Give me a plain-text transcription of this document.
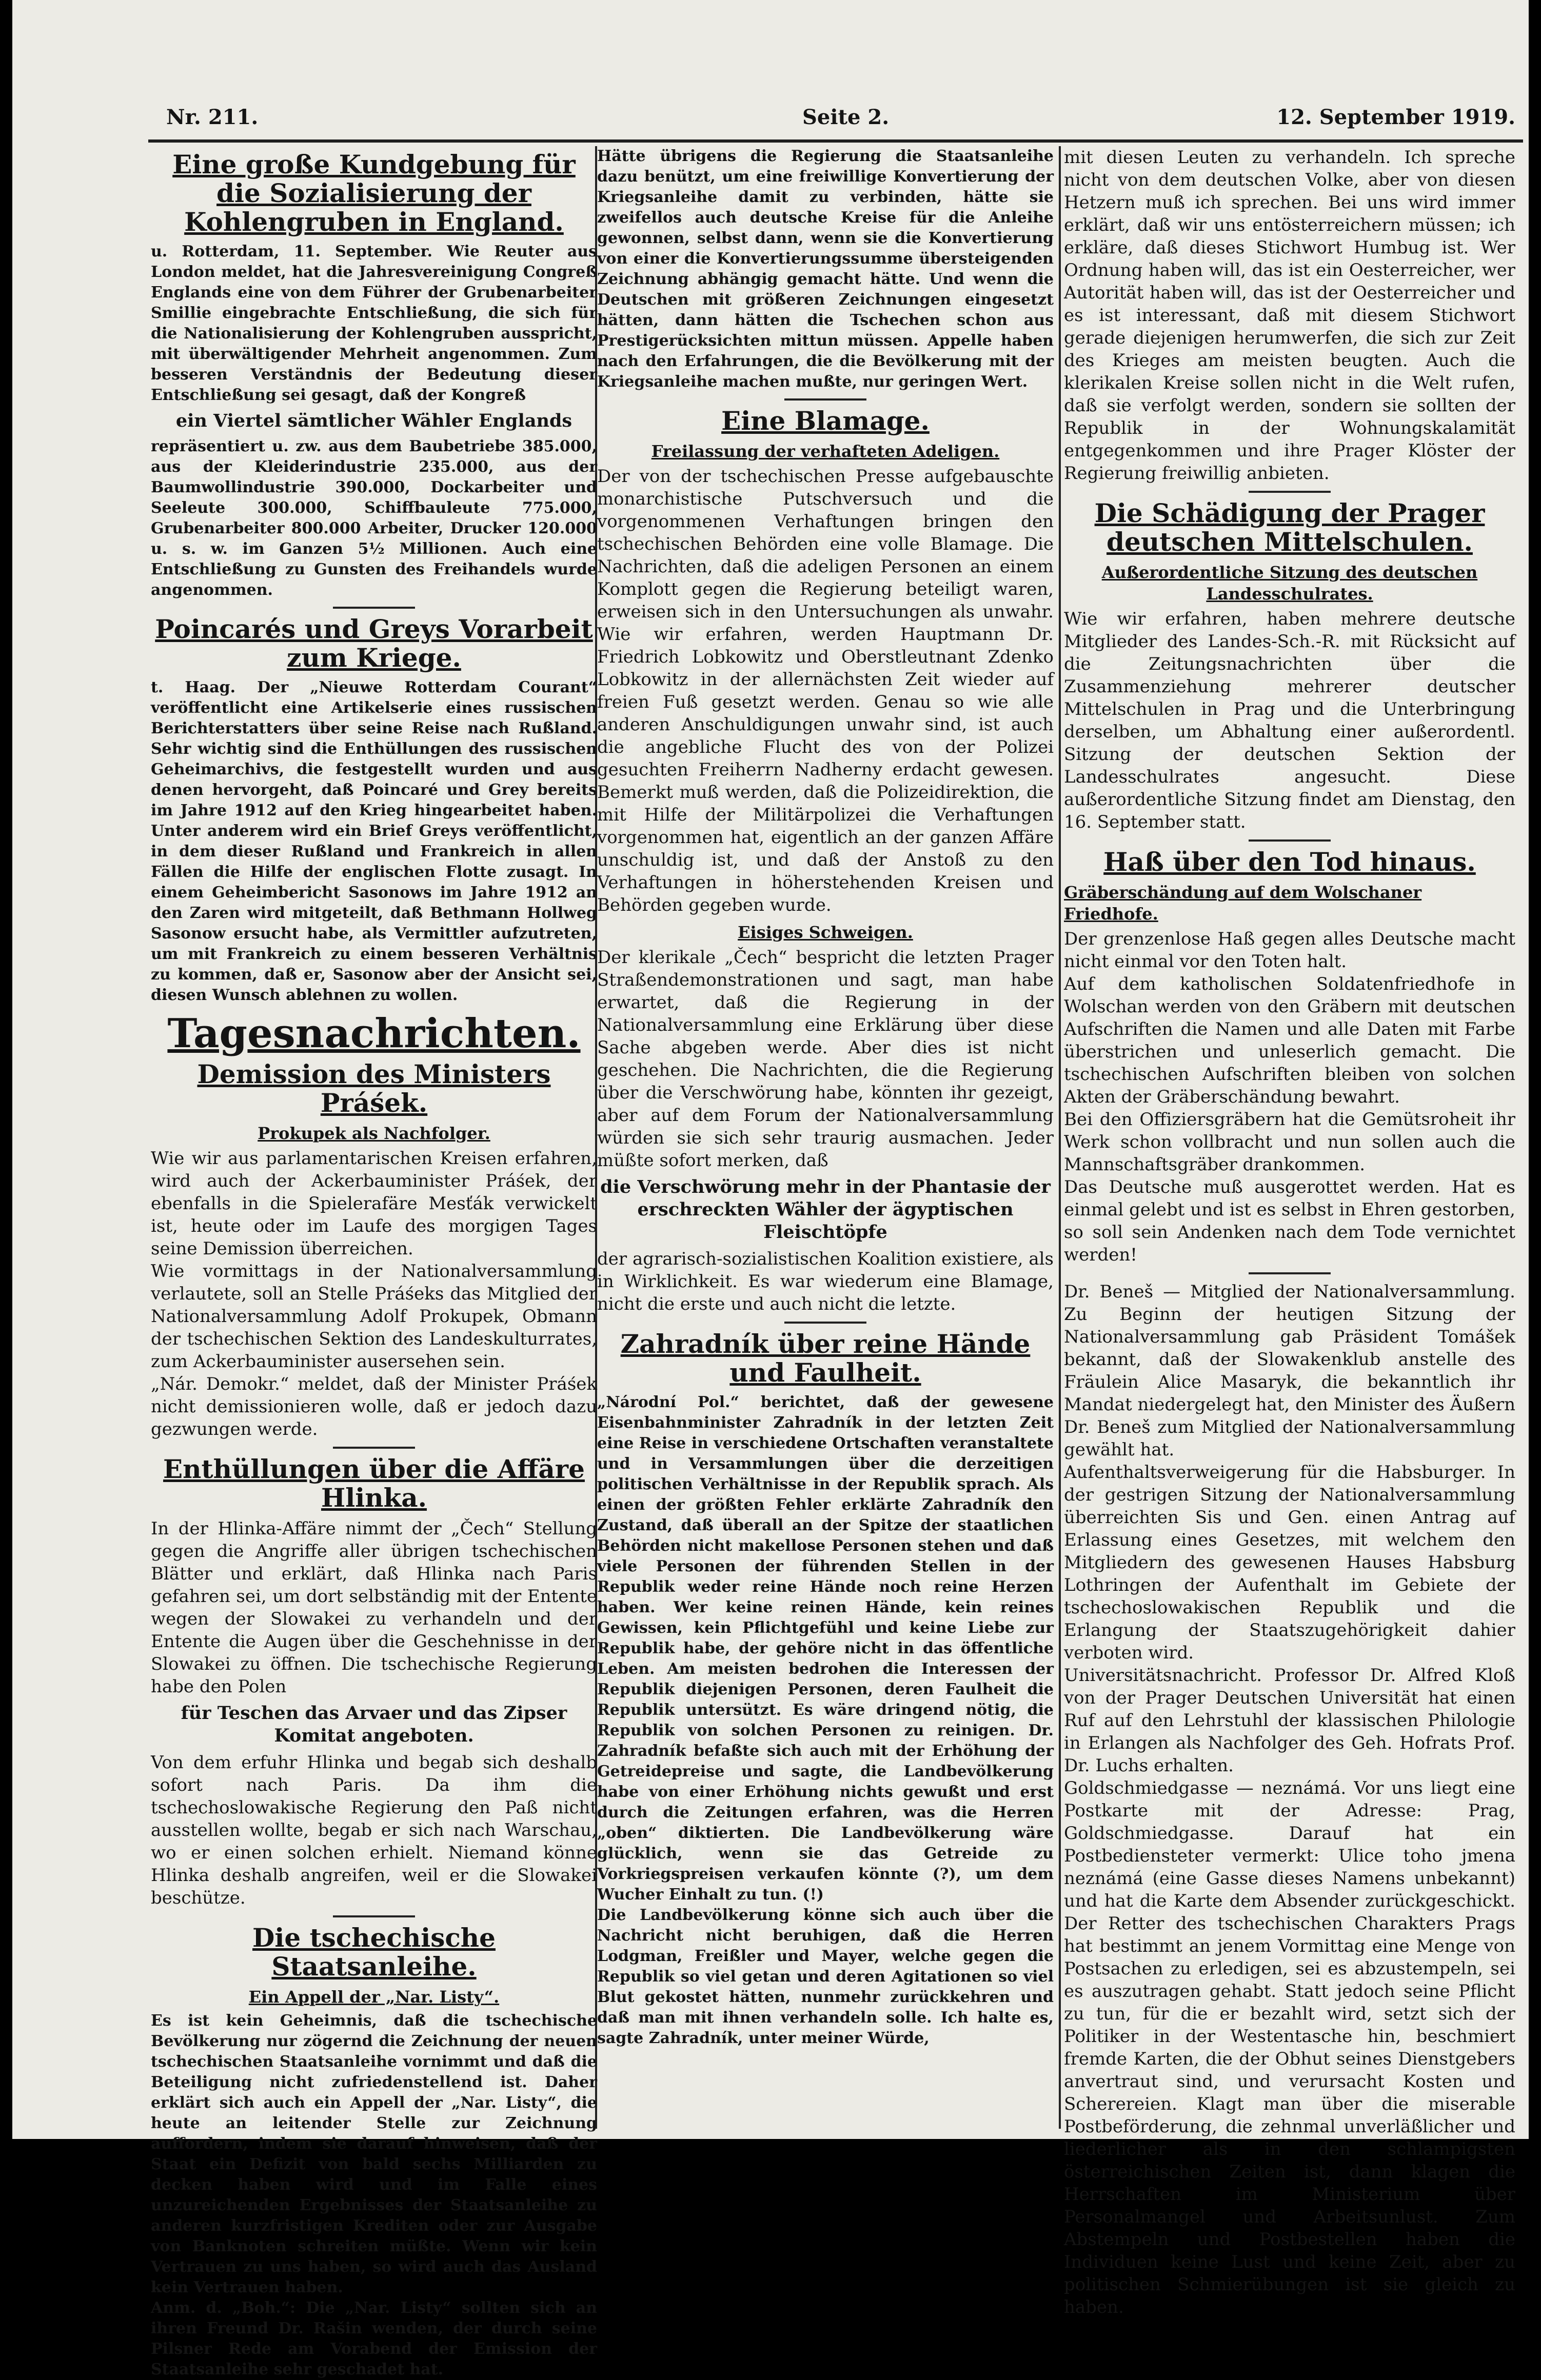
Nr. 211.	Seite 2.	12. September 1919.
Eine große Kundgebung für die Sozialisierung der Kohlengruben in England.

u. Rotterdam, 11. September. Wie Reuter aus London meldet, hat die Jahresvereinigung Congreß Englands eine von dem Führer der Grubenarbeiter Smillie eingebrachte Entschließung, die sich für die Nationalisierung der Kohlengruben ausspricht, mit überwältigender Mehrheit angenommen. Zum besseren Verständnis der Bedeutung dieser Entschließung sei gesagt, daß der Kongreß

ein Viertel sämtlicher Wähler Englands

repräsentiert u. zw. aus dem Baubetriebe 385.000, aus der Kleiderindustrie 235.000, aus der Baumwollindustrie 390.000, Dockarbeiter und Seeleute 300.000, Schiffbauleute 775.000, Grubenarbeiter 800.000 Arbeiter, Drucker 120.000 u. s. w. im Ganzen 5½ Millionen. Auch eine Entschließung zu Gunsten des Freihandels wurde angenommen.

Poincarés und Greys Vorarbeit zum Kriege.

t. Haag. Der „Nieuwe Rotterdam Courant“ veröffentlicht eine Artikelserie eines russischen Berichterstatters über seine Reise nach Rußland. Sehr wichtig sind die Enthüllungen des russischen Geheimarchivs, die festgestellt wurden und aus denen hervorgeht, daß Poincaré und Grey bereits im Jahre 1912 auf den Krieg hingearbeitet haben. Unter anderem wird ein Brief Greys veröffentlicht, in dem dieser Rußland und Frankreich in allen Fällen die Hilfe der englischen Flotte zusagt. In einem Geheimbericht Sasonows im Jahre 1912 an den Zaren wird mitgeteilt, daß Bethmann Hollweg Sasonow ersucht habe, als Vermittler aufzutreten, um mit Frankreich zu einem besseren Verhältnis zu kommen, daß er, Sasonow aber der Ansicht sei, diesen Wunsch ablehnen zu wollen.

Tagesnachrichten.
Demission des Ministers Práśek.
Prokupek als Nachfolger.

Wie wir aus parlamentarischen Kreisen erfahren, wird auch der Ackerbauminister Práśek, der ebenfalls in die Spielerafäre Mesťák verwickelt ist, heute oder im Laufe des morgigen Tages seine Demission überreichen.

Wie vormittags in der Nationalversammlung verlautete, soll an Stelle Práśeks das Mitglied der Nationalversammlung Adolf Prokupek, Obmann der tschechischen Sektion des Landeskulturrates, zum Ackerbauminister ausersehen sein.

„Nár. Demokr.“ meldet, daß der Minister Práśek nicht demissionieren wolle, daß er jedoch dazu gezwungen werde.

Enthüllungen über die Affäre Hlinka.

In der Hlinka-Affäre nimmt der „Čech“ Stellung gegen die Angriffe aller übrigen tschechischen Blätter und erklärt, daß Hlinka nach Paris gefahren sei, um dort selbständig mit der Entente wegen der Slowakei zu verhandeln und der Entente die Augen über die Geschehnisse in der Slowakei zu öffnen. Die tschechische Regierung habe den Polen

für Teschen das Arvaer und das Zipser Komitat angeboten.

Von dem erfuhr Hlinka und begab sich deshalb sofort nach Paris. Da ihm die tschechoslowakische Regierung den Paß nicht ausstellen wollte, begab er sich nach Warschau, wo er einen solchen erhielt. Niemand könne Hlinka deshalb angreifen, weil er die Slowakei beschütze.

Die tschechische Staatsanleihe.
Ein Appell der „Nar. Listy“.

Es ist kein Geheimnis, daß die tschechische Bevölkerung nur zögernd die Zeichnung der neuen tschechischen Staatsanleihe vornimmt und daß die Beteiligung nicht zufriedenstellend ist. Daher erklärt sich auch ein Appell der „Nar. Listy“, die heute an leitender Stelle zur Zeichnung auffordern, indem sie darauf hinweisen, daß der Staat ein Defizit von bald sechs Milliarden zu decken haben wird und im Falle eines unzureichenden Ergebnisses der Staatsanleihe zu anderen kurzfristigen Krediten oder zur Ausgabe von Banknoten schreiten müßte. Wenn wir kein Vertrauen zu uns haben, so wird auch das Ausland kein Vertrauen haben.

Anm. d. „Boh.“: Die „Nar. Listy“ sollten sich an ihren Freund Dr. Rašin wenden, der durch seine Pilsner Rede am Vorabend der Emission der Staatsanleihe sehr geschadet hat.

Hätte übrigens die Regierung die Staatsanleihe dazu benützt, um eine freiwillige Konvertierung der Kriegsanleihe damit zu verbinden, hätte sie zweifellos auch deutsche Kreise für die Anleihe gewonnen, selbst dann, wenn sie die Konvertierung von einer die Konvertierungssumme übersteigenden Zeichnung abhängig gemacht hätte. Und wenn die Deutschen mit größeren Zeichnungen eingesetzt hätten, dann hätten die Tschechen schon aus Prestigerücksichten mittun müssen. Appelle haben nach den Erfahrungen, die die Bevölkerung mit der Kriegsanleihe machen mußte, nur geringen Wert.

Eine Blamage.
Freilassung der verhafteten Adeligen.

Der von der tschechischen Presse aufgebauschte monarchistische Putschversuch und die vorgenommenen Verhaftungen bringen den tschechischen Behörden eine volle Blamage. Die Nachrichten, daß die adeligen Personen an einem Komplott gegen die Regierung beteiligt waren, erweisen sich in den Untersuchungen als unwahr. Wie wir erfahren, werden Hauptmann Dr. Friedrich Lobkowitz und Oberstleutnant Zdenko Lobkowitz in der allernächsten Zeit wieder auf freien Fuß gesetzt werden. Genau so wie alle anderen Anschuldigungen unwahr sind, ist auch die angebliche Flucht des von der Polizei gesuchten Freiherrn Nadherny erdacht gewesen. Bemerkt muß werden, daß die Polizeidirektion, die mit Hilfe der Militärpolizei die Verhaftungen vorgenommen hat, eigentlich an der ganzen Affäre unschuldig ist, und daß der Anstoß zu den Verhaftungen in höherstehenden Kreisen und Behörden gegeben wurde.

Eisiges Schweigen.

Der klerikale „Čech“ bespricht die letzten Prager Straßendemonstrationen und sagt, man habe erwartet, daß die Regierung in der Nationalversammlung eine Erklärung über diese Sache abgeben werde. Aber dies ist nicht geschehen. Die Nachrichten, die die Regierung über die Verschwörung habe, könnten ihr gezeigt, aber auf dem Forum der Nationalversammlung würden sie sich sehr traurig ausmachen. Jeder müßte sofort merken, daß

die Verschwörung mehr in der Phantasie der erschreckten Wähler der ägyptischen Fleischtöpfe

der agrarisch-sozialistischen Koalition existiere, als in Wirklichkeit. Es war wiederum eine Blamage, nicht die erste und auch nicht die letzte.

Zahradník über reine Hände und Faulheit.

„Národní Pol.“ berichtet, daß der gewesene Eisenbahnminister Zahradník in der letzten Zeit eine Reise in verschiedene Ortschaften veranstaltete und in Versammlungen über die derzeitigen politischen Verhältnisse in der Republik sprach. Als einen der größten Fehler erklärte Zahradník den Zustand, daß überall an der Spitze der staatlichen Behörden nicht makellose Personen stehen und daß viele Personen der führenden Stellen in der Republik weder reine Hände noch reine Herzen haben. Wer keine reinen Hände, kein reines Gewissen, kein Pflichtgefühl und keine Liebe zur Republik habe, der gehöre nicht in das öffentliche Leben. Am meisten bedrohen die Interessen der Republik diejenigen Personen, deren Faulheit die Republik untersützt. Es wäre dringend nötig, die Republik von solchen Personen zu reinigen. Dr. Zahradník befaßte sich auch mit der Erhöhung der Getreidepreise und sagte, die Landbevölkerung habe von einer Erhöhung nichts gewußt und erst durch die Zeitungen erfahren, was die Herren „oben“ diktierten. Die Landbevölkerung wäre glücklich, wenn sie das Getreide zu Vorkriegspreisen verkaufen könnte (?), um dem Wucher Einhalt zu tun. (!)

Die Landbevölkerung könne sich auch über die Nachricht nicht beruhigen, daß die Herren Lodgman, Freißler und Mayer, welche gegen die Republik so viel getan und deren Agitationen so viel Blut gekostet hätten, nunmehr zurückkehren und daß man mit ihnen verhandeln solle. Ich halte es, sagte Zahradník, unter meiner Würde,

mit diesen Leuten zu verhandeln. Ich spreche nicht von dem deutschen Volke, aber von diesen Hetzern muß ich sprechen. Bei uns wird immer erklärt, daß wir uns entösterreichern müssen; ich erkläre, daß dieses Stichwort Humbug ist. Wer Ordnung haben will, das ist ein Oesterreicher, wer Autorität haben will, das ist der Oesterreicher und es ist interessant, daß mit diesem Stichwort gerade diejenigen herumwerfen, die sich zur Zeit des Krieges am meisten beugten. Auch die klerikalen Kreise sollen nicht in die Welt rufen, daß sie verfolgt werden, sondern sie sollten der Republik in der Wohnungskalamität entgegenkommen und ihre Prager Klöster der Regierung freiwillig anbieten.

Die Schädigung der Prager deutschen Mittelschulen.
Außerordentliche Sitzung des deutschen Landesschulrates.

Wie wir erfahren, haben mehrere deutsche Mitglieder des Landes-Sch.-R. mit Rücksicht auf die Zeitungsnachrichten über die Zusammenziehung mehrerer deutscher Mittelschulen in Prag und die Unterbringung derselben, um Abhaltung einer außerordentl. Sitzung der deutschen Sektion der Landesschulrates angesucht. Diese außerordentliche Sitzung findet am Dienstag, den 16. September statt.

Haß über den Tod hinaus.
Gräberschändung auf dem Wolschaner Friedhofe.

Der grenzenlose Haß gegen alles Deutsche macht nicht einmal vor den Toten halt.

Auf dem katholischen Soldatenfriedhofe in Wolschan werden von den Gräbern mit deutschen Aufschriften die Namen und alle Daten mit Farbe überstrichen und unleserlich gemacht. Die tschechischen Aufschriften bleiben von solchen Akten der Gräberschändung bewahrt.

Bei den Offiziersgräbern hat die Gemütsroheit ihr Werk schon vollbracht und nun sollen auch die Mannschaftsgräber drankommen.

Das Deutsche muß ausgerottet werden. Hat es einmal gelebt und ist es selbst in Ehren gestorben, so soll sein Andenken nach dem Tode vernichtet werden!

Dr. Beneš — Mitglied der Nationalversammlung. Zu Beginn der heutigen Sitzung der Nationalversammlung gab Präsident Tomášek bekannt, daß der Slowakenklub anstelle des Fräulein Alice Masaryk, die bekanntlich ihr Mandat niedergelegt hat, den Minister des Äußern Dr. Beneš zum Mitglied der Nationalversammlung gewählt hat.

Aufenthaltsverweigerung für die Habsburger. In der gestrigen Sitzung der Nationalversammlung überreichten Sis und Gen. einen Antrag auf Erlassung eines Gesetzes, mit welchem den Mitgliedern des gewesenen Hauses Habsburg Lothringen der Aufenthalt im Gebiete der tschechoslowakischen Republik und die Erlangung der Staatszugehörigkeit dahier verboten wird.

Universitätsnachricht. Professor Dr. Alfred Kloß von der Prager Deutschen Universität hat einen Ruf auf den Lehrstuhl der klassischen Philologie in Erlangen als Nachfolger des Geh. Hofrats Prof. Dr. Luchs erhalten.

Goldschmiedgasse — neznámá. Vor uns liegt eine Postkarte mit der Adresse: Prag, Goldschmiedgasse. Darauf hat ein Postbediensteter vermerkt: Ulice toho jmena neznámá (eine Gasse dieses Namens unbekannt) und hat die Karte dem Absender zurückgeschickt. Der Retter des tschechischen Charakters Prags hat bestimmt an jenem Vormittag eine Menge von Postsachen zu erledigen, sei es abzustempeln, sei es auszutragen gehabt. Statt jedoch seine Pflicht zu tun, für die er bezahlt wird, setzt sich der Politiker in der Westentasche hin, beschmiert fremde Karten, die der Obhut seines Dienstgebers anvertraut sind, und verursacht Kosten und Scherereien. Klagt man über die miserable Postbeförderung, die zehnmal unverläßlicher und liederlicher als in den schlampigsten österreichischen Zeiten ist, dann klagen die Herrschaften im Ministerium über Personalmangel und Arbeitsunlust. Zum Abstempeln und Postbestellen haben die Individuen keine Lust und keine Zeit, aber zu politischen Schmierübungen ist sie gleich zu haben.
